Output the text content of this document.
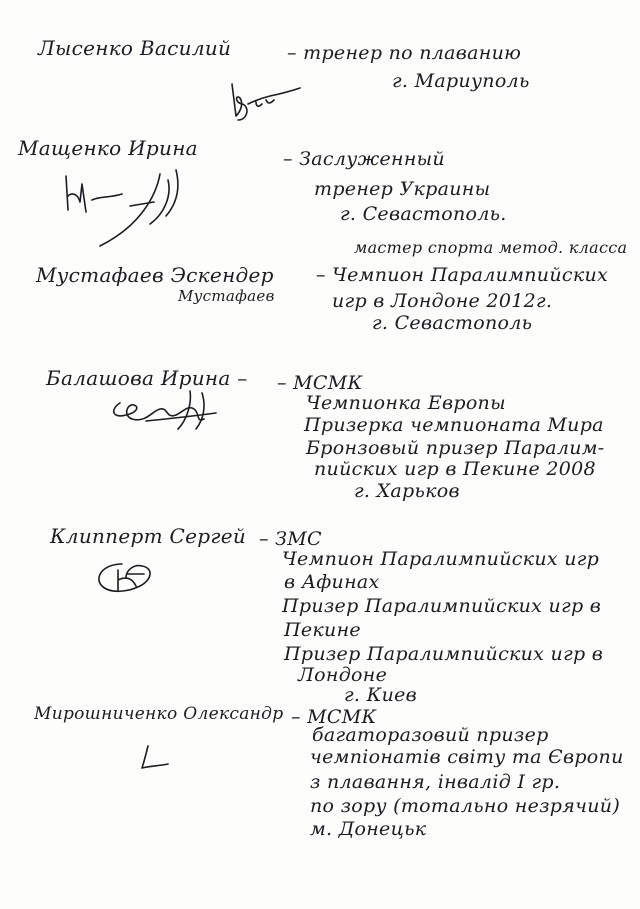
Лысенко Василий	– тренер по плаванию
г. Мариуполь
Мащенко Ирина	– Заслуженный
тренер Украины
г. Севастополь.
Мустафаев Эскендер
Мустафаев
мастер спорта метод. класса
– Чемпион Паралимпийских
игр в Лондоне 2012г.
г. Севастополь
Балашова Ирина – – МСМК
Чемпионка Европы
Призерка чемпионата Мира
Бронзовый призер Паралим-
пийских игр в Пекине 2008
г. Харьков
Клипперт Сергей – ЗМС
Чемпион Паралимпийских игр
в Афинах
Призер Паралимпийских игр в
Пекине
Призер Паралимпийских игр в
Лондоне
г. Киев
Мирошниченко Олександр – МСМК
багаторазовий призер
чемпіонатів світу та Європи
з плавання, інвалід I гр.
по зору (тотально незрячий)
м. Донецьк
